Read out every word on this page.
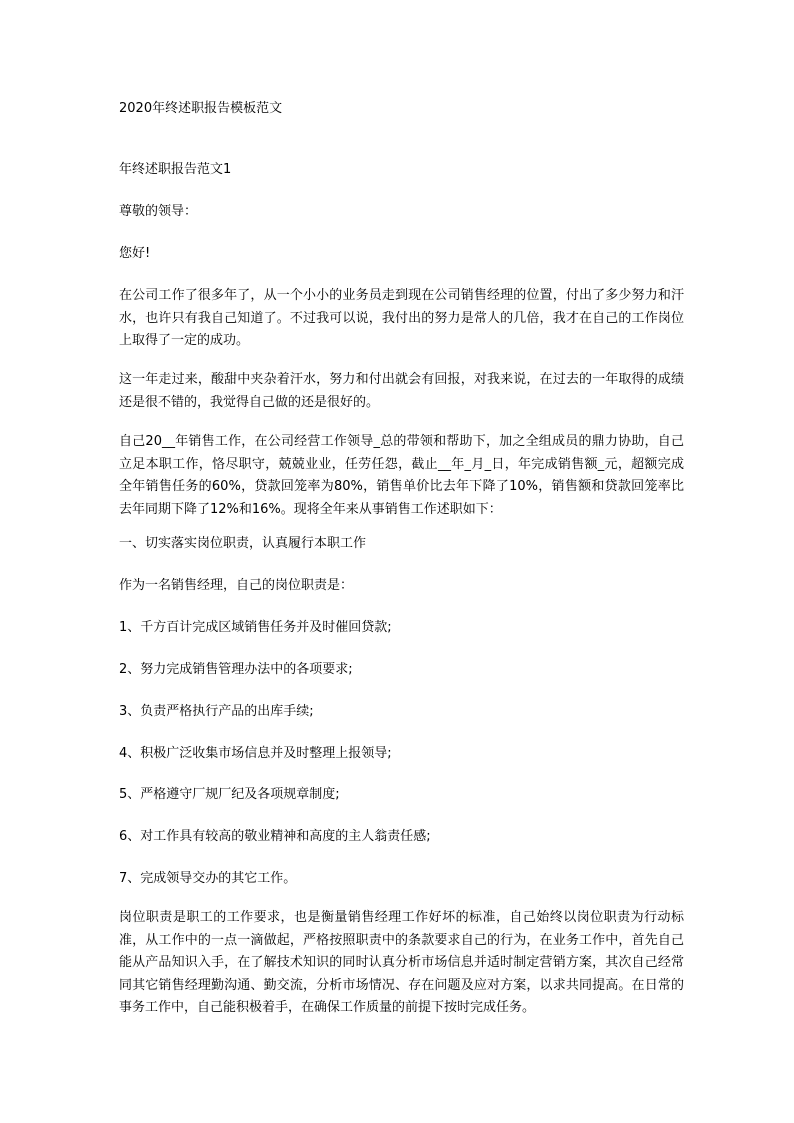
2020年终述职报告模板范文

年终述职报告范文1

尊敬的领导：

您好!

在公司工作了很多年了，从一个小小的业务员走到现在公司销售经理的位置，付出了多少努力和汗水，也许只有我自己知道了。不过我可以说，我付出的努力是常人的几倍，我才在自己的工作岗位上取得了一定的成功。

这一年走过来，酸甜中夹杂着汗水，努力和付出就会有回报，对我来说，在过去的一年取得的成绩还是很不错的，我觉得自己做的还是很好的。

自己20__年销售工作，在公司经营工作领导_总的带领和帮助下，加之全组成员的鼎力协助，自己立足本职工作，恪尽职守，兢兢业业，任劳任怨，截止__年_月_日，年完成销售额_元，超额完成全年销售任务的60%，贷款回笼率为80%，销售单价比去年下降了10%，销售额和贷款回笼率比去年同期下降了12%和16%。现将全年来从事销售工作述职如下：

一、切实落实岗位职责，认真履行本职工作

作为一名销售经理，自己的岗位职责是：

1、千方百计完成区域销售任务并及时催回贷款;

2、努力完成销售管理办法中的各项要求;

3、负责严格执行产品的出库手续;

4、积极广泛收集市场信息并及时整理上报领导;

5、严格遵守厂规厂纪及各项规章制度;

6、对工作具有较高的敬业精神和高度的主人翁责任感;

7、完成领导交办的其它工作。

岗位职责是职工的工作要求，也是衡量销售经理工作好坏的标准，自己始终以岗位职责为行动标准，从工作中的一点一滴做起，严格按照职责中的条款要求自己的行为，在业务工作中，首先自己能从产品知识入手，在了解技术知识的同时认真分析市场信息并适时制定营销方案，其次自己经常同其它销售经理勤沟通、勤交流，分析市场情况、存在问题及应对方案，以求共同提高。在日常的事务工作中，自己能积极着手，在确保工作质量的前提下按时完成任务。
